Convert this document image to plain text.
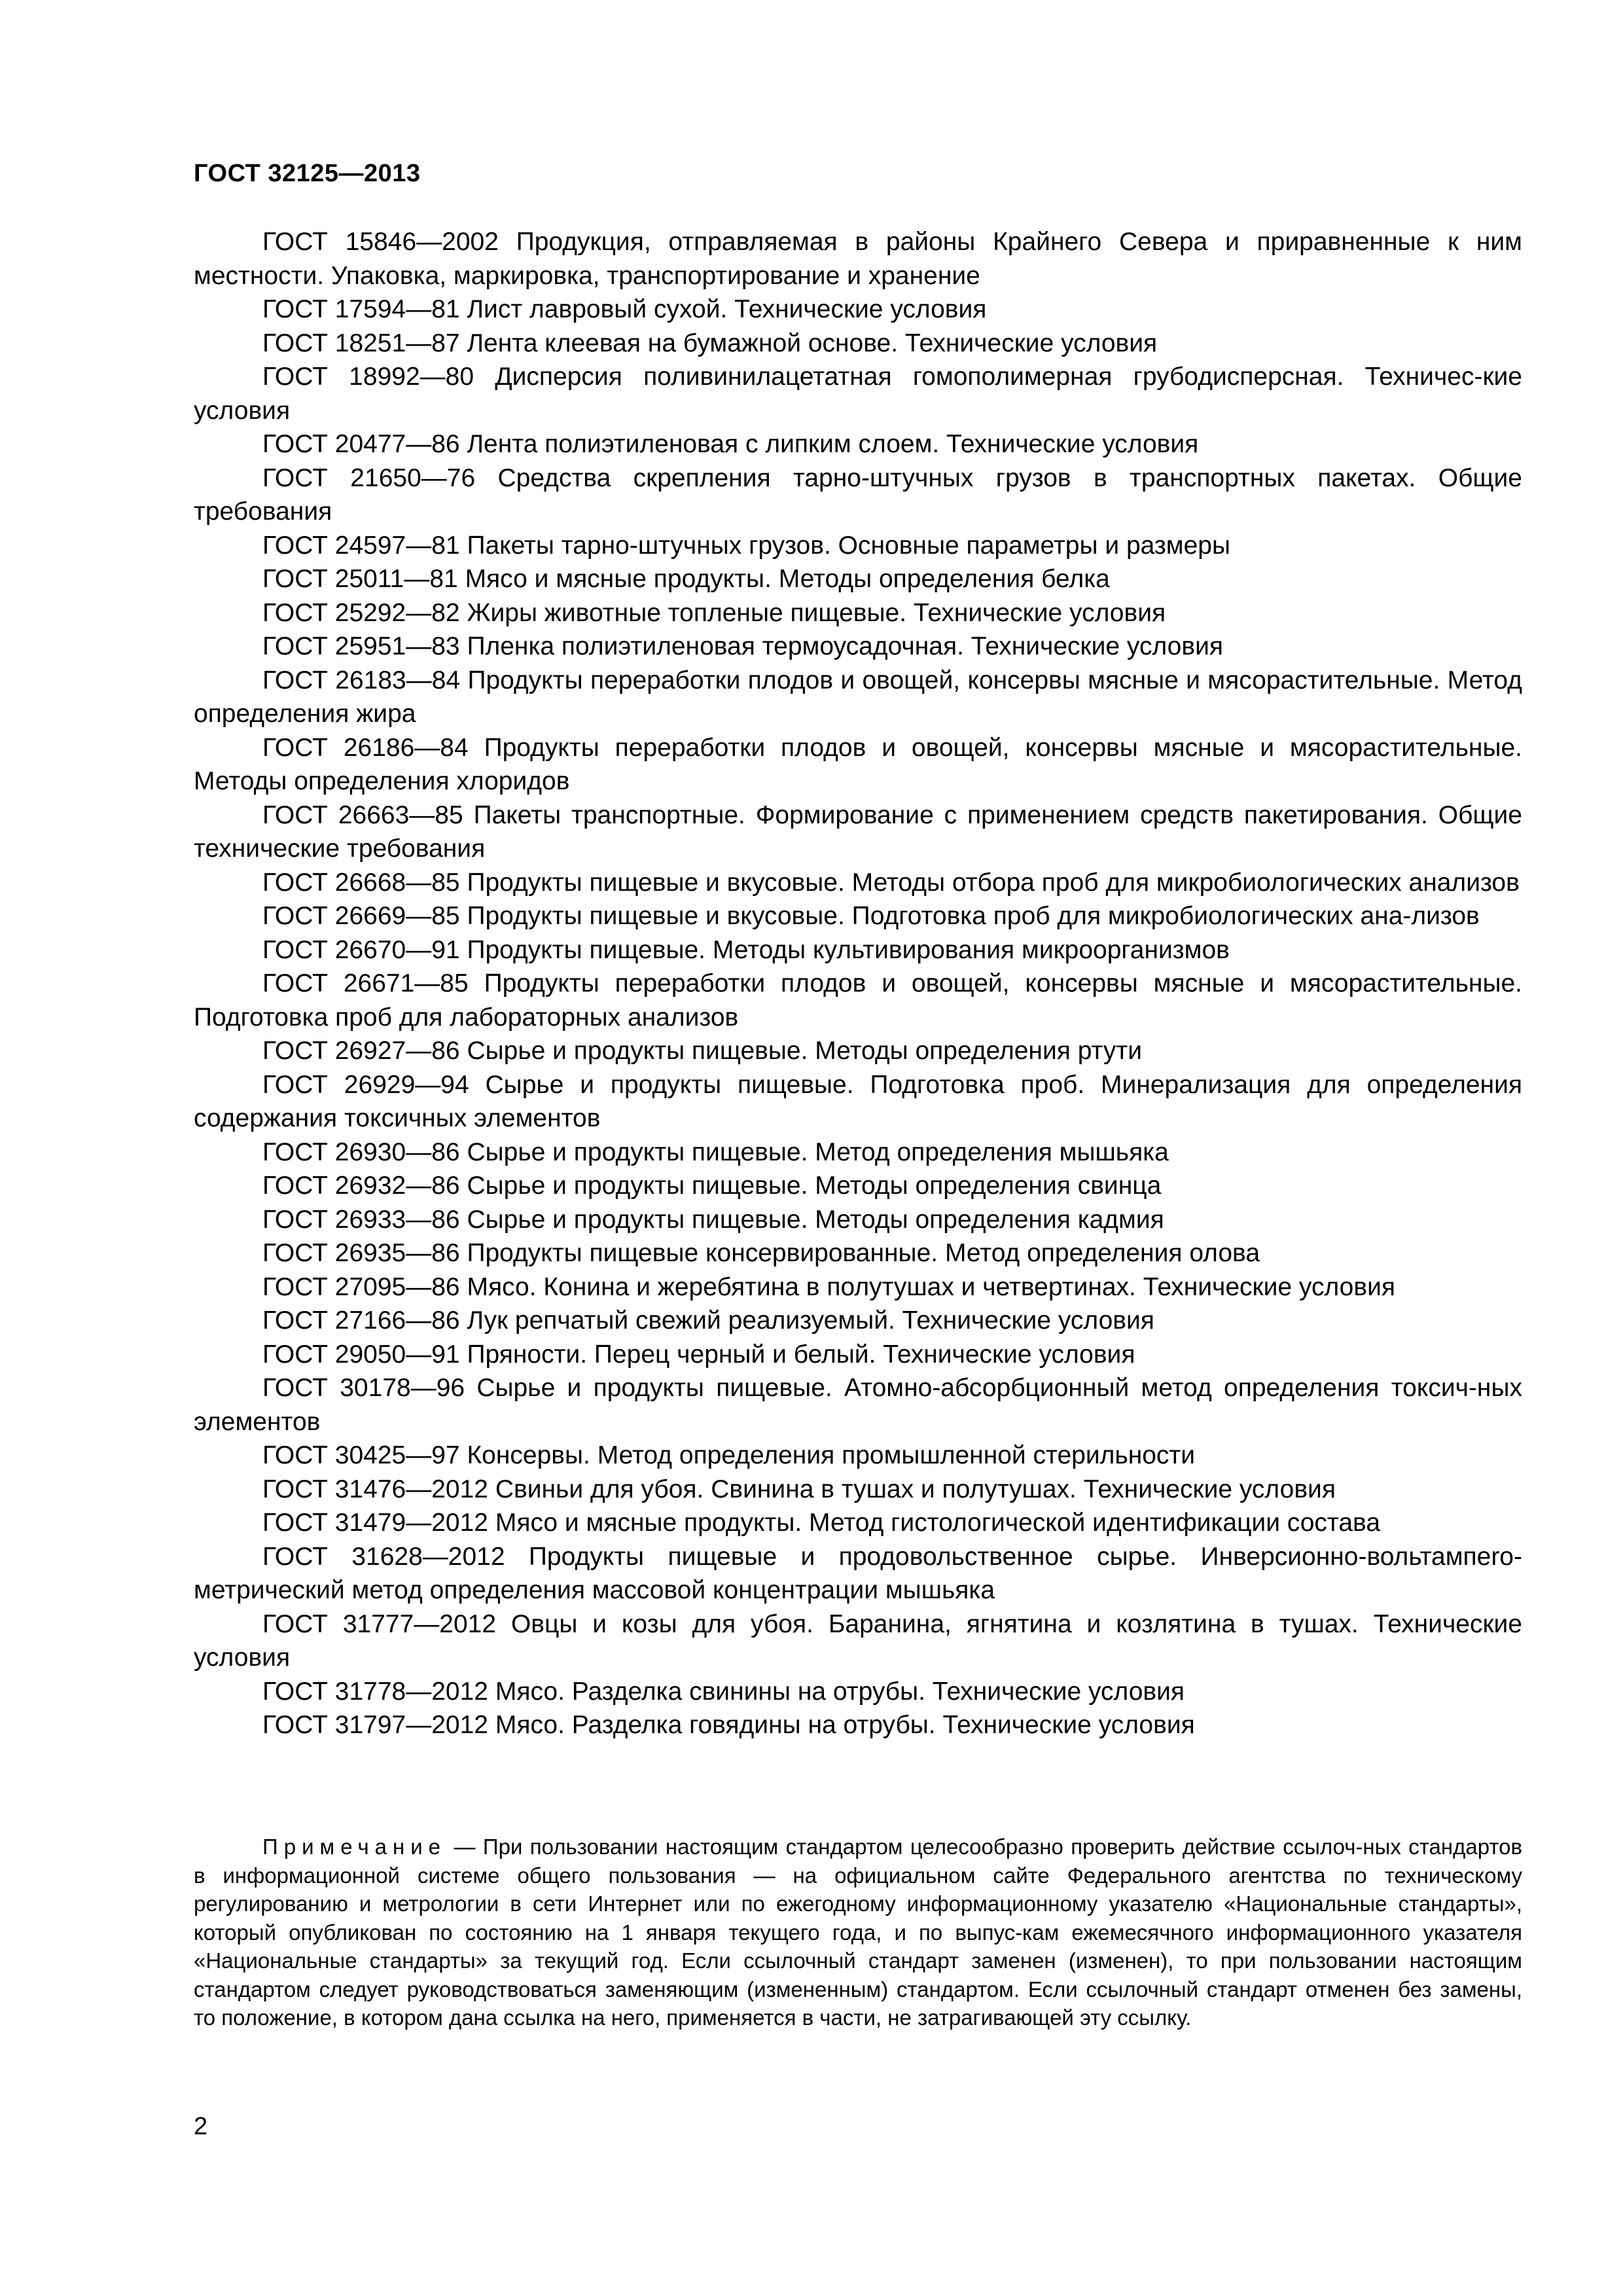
ГОСТ 32125—2013

ГОСТ 15846—2002 Продукция, отправляемая в районы Крайнего Севера и приравненные к ним местности. Упаковка, маркировка, транспортирование и хранение

ГОСТ 17594—81 Лист лавровый сухой. Технические условия

ГОСТ 18251—87 Лента клеевая на бумажной основе. Технические условия

ГОСТ 18992—80 Дисперсия поливинилацетатная гомополимерная грубодисперсная. Техничес-кие условия

ГОСТ 20477—86 Лента полиэтиленовая с липким слоем. Технические условия

ГОСТ 21650—76 Средства скрепления тарно-штучных грузов в транспортных пакетах. Общие требования

ГОСТ 24597—81 Пакеты тарно-штучных грузов. Основные параметры и размеры

ГОСТ 25011—81 Мясо и мясные продукты. Методы определения белка

ГОСТ 25292—82 Жиры животные топленые пищевые. Технические условия

ГОСТ 25951—83 Пленка полиэтиленовая термоусадочная. Технические условия

ГОСТ 26183—84 Продукты переработки плодов и овощей, консервы мясные и мясорастительные. Метод определения жира

ГОСТ 26186—84 Продукты переработки плодов и овощей, консервы мясные и мясорастительные. Методы определения хлоридов

ГОСТ 26663—85 Пакеты транспортные. Формирование с применением средств пакетирования. Общие технические требования

ГОСТ 26668—85 Продукты пищевые и вкусовые. Методы отбора проб для микробиологических анализов

ГОСТ 26669—85 Продукты пищевые и вкусовые. Подготовка проб для микробиологических ана-лизов

ГОСТ 26670—91 Продукты пищевые. Методы культивирования микроорганизмов

ГОСТ 26671—85 Продукты переработки плодов и овощей, консервы мясные и мясорастительные. Подготовка проб для лабораторных анализов

ГОСТ 26927—86 Сырье и продукты пищевые. Методы определения ртути

ГОСТ 26929—94 Сырье и продукты пищевые. Подготовка проб. Минерализация для определения содержания токсичных элементов

ГОСТ 26930—86 Сырье и продукты пищевые. Метод определения мышьяка

ГОСТ 26932—86 Сырье и продукты пищевые. Методы определения свинца

ГОСТ 26933—86 Сырье и продукты пищевые. Методы определения кадмия

ГОСТ 26935—86 Продукты пищевые консервированные. Метод определения олова

ГОСТ 27095—86 Мясо. Конина и жеребятина в полутушах и четвертинах. Технические условия

ГОСТ 27166—86 Лук репчатый свежий реализуемый. Технические условия

ГОСТ 29050—91 Пряности. Перец черный и белый. Технические условия

ГОСТ 30178—96 Сырье и продукты пищевые. Атомно-абсорбционный метод определения токсич-ных элементов

ГОСТ 30425—97 Консервы. Метод определения промышленной стерильности

ГОСТ 31476—2012 Свиньи для убоя. Свинина в тушах и полутушах. Технические условия

ГОСТ 31479—2012 Мясо и мясные продукты. Метод гистологической идентификации состава

ГОСТ 31628—2012 Продукты пищевые и продовольственное сырье. Инверсионно-вольтампero-метрический метод определения массовой концентрации мышьяка

ГОСТ 31777—2012 Овцы и козы для убоя. Баранина, ягнятина и козлятина в тушах. Технические условия

ГОСТ 31778—2012 Мясо. Разделка свинины на отрубы. Технические условия

ГОСТ 31797—2012 Мясо. Разделка говядины на отрубы. Технические условия

Примечание — При пользовании настоящим стандартом целесообразно проверить действие ссылоч-ных стандартов в информационной системе общего пользования — на официальном сайте Федерального агентства по техническому регулированию и метрологии в сети Интернет или по ежегодному информационному указателю «Национальные стандарты», который опубликован по состоянию на 1 января текущего года, и по выпус-кам ежемесячного информационного указателя «Национальные стандарты» за текущий год. Если ссылочный стандарт заменен (изменен), то при пользовании настоящим стандартом следует руководствоваться заменяющим (измененным) стандартом. Если ссылочный стандарт отменен без замены, то положение, в котором дана ссылка на него, применяется в части, не затрагивающей эту ссылку.

2
